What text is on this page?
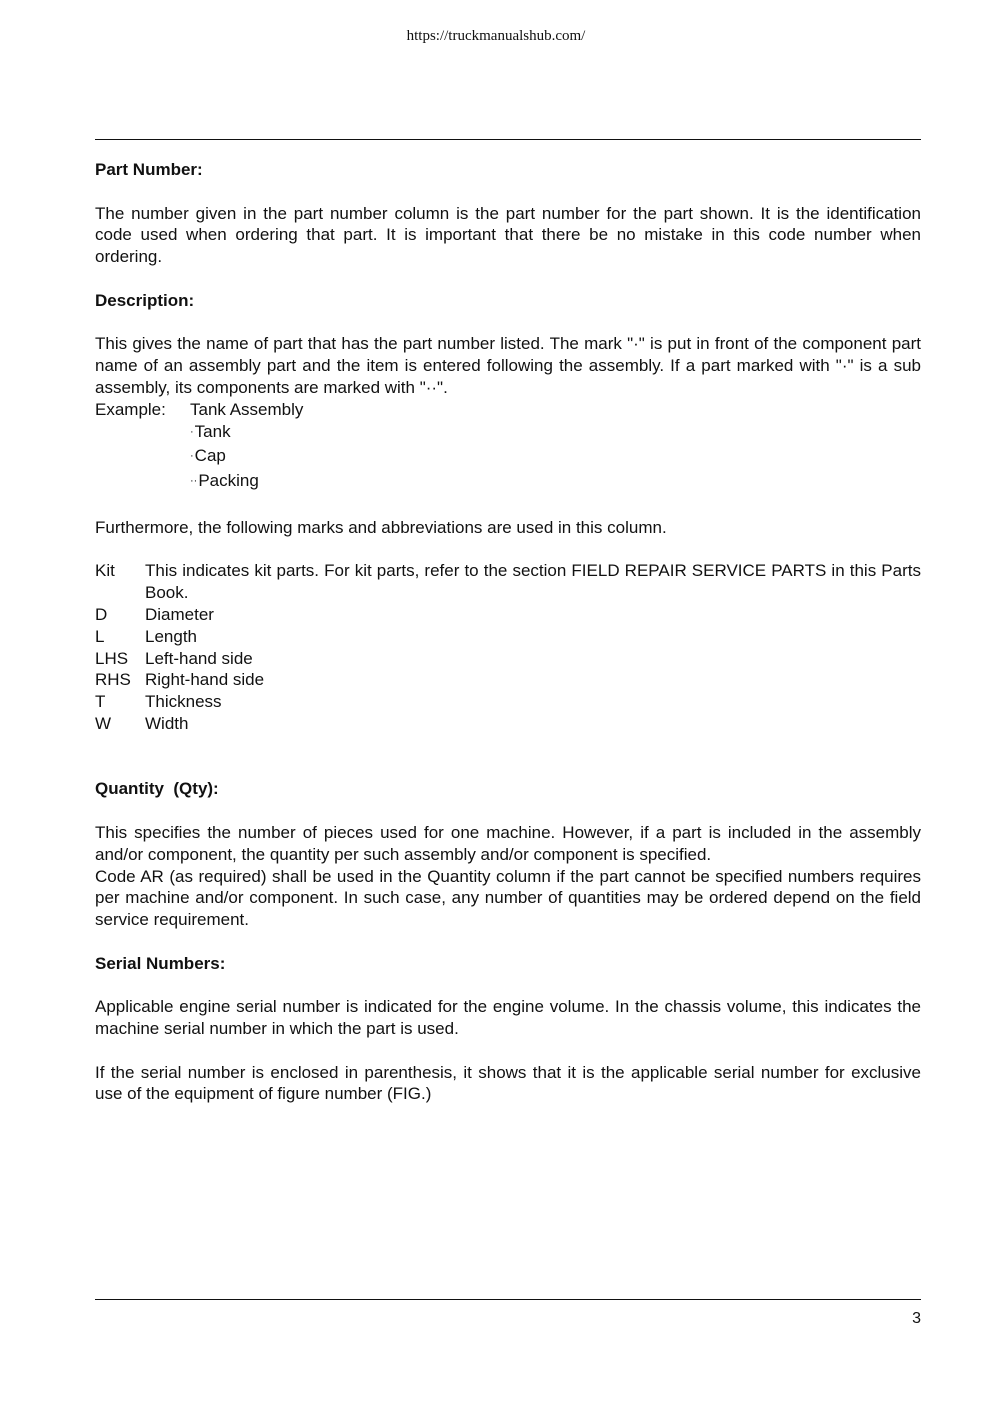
https://truckmanualshub.com/

Part Number:

The number given in the part number column is the part number for the part shown. It is the identification code used when ordering that part. It is important that there be no mistake in this code number when ordering.

Description:

This gives the name of part that has the part number listed. The mark "·" is put in front of the component part name of an assembly part and the item is entered following the assembly. If a part marked with "·" is a sub assembly, its components are marked with "··".

Example:	Tank Assembly
·Tank
·Cap
··Packing

Furthermore, the following marks and abbreviations are used in this column.

Kit	This indicates kit parts. For kit parts, refer to the section FIELD REPAIR SERVICE PARTS in this Parts Book.
D	Diameter
L	Length
LHS Left-hand side
RHS Right-hand side
T	Thickness
W	Width

Quantity  (Qty):

This specifies the number of pieces used for one machine. However, if a part is included in the assembly and/or component, the quantity per such assembly and/or component is specified.

Code AR (as required) shall be used in the Quantity column if the part cannot be specified numbers requires per machine and/or component. In such case, any number of quantities may be ordered depend on the field service requirement.

Serial Numbers:

Applicable engine serial number is indicated for the engine volume. In the chassis volume, this indicates the machine serial number in which the part is used.

If the serial number is enclosed in parenthesis, it shows that it is the applicable serial number for exclusive use of the equipment of figure number (FIG.)

3
